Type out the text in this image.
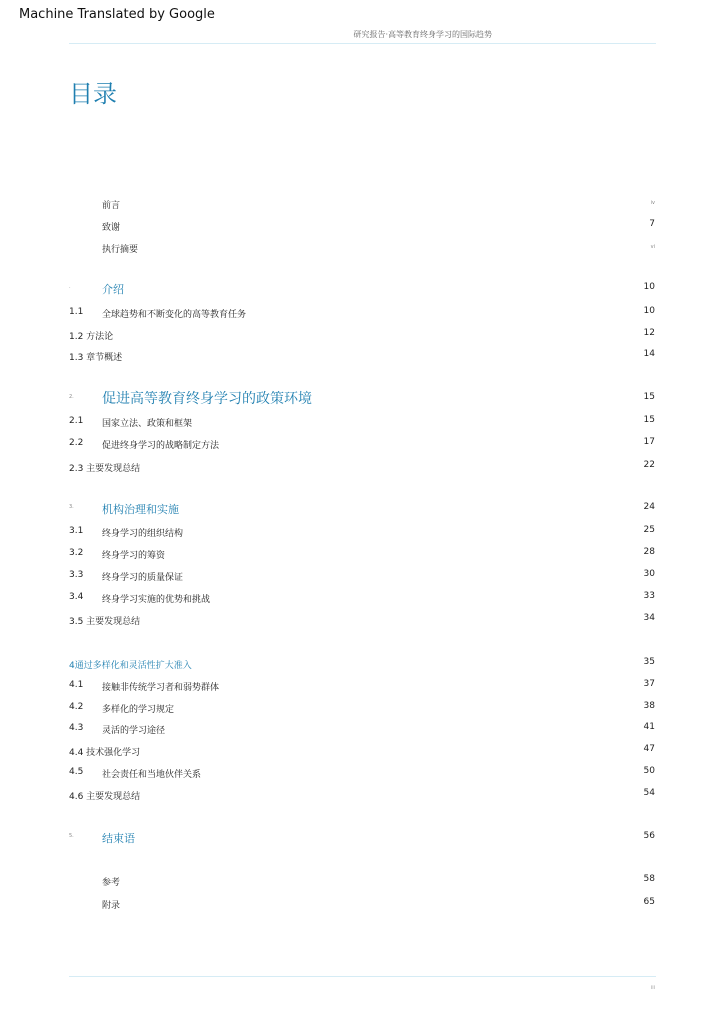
Machine Translated by Google
研究报告·高等教育终身学习的国际趋势
目录
前言	iv
致谢	7
执行摘要	vi
.	介绍	10
1.1 全球趋势和不断变化的高等教育任务	10
1.2 方法论	12
1.3 章节概述	14
2. 促进高等教育终身学习的政策环境	15
2.1 国家立法、政策和框架	15
2.2 促进终身学习的战略制定方法	17
2.3 主要发现总结	22
3.	机构治理和实施	24
3.1 终身学习的组织结构	25
3.2 终身学习的筹资	28
3.3 终身学习的质量保证	30
3.4 终身学习实施的优势和挑战	33
3.5 主要发现总结	34
4通过多样化和灵活性扩大准入	35
4.1 接触非传统学习者和弱势群体	37
4.2 多样化的学习规定	38
4.3 灵活的学习途径	41
4.4 技术强化学习	47
4.5 社会责任和当地伙伴关系	50
4.6 主要发现总结	54
5.	结束语	56
参考	58
附录	65
iii
